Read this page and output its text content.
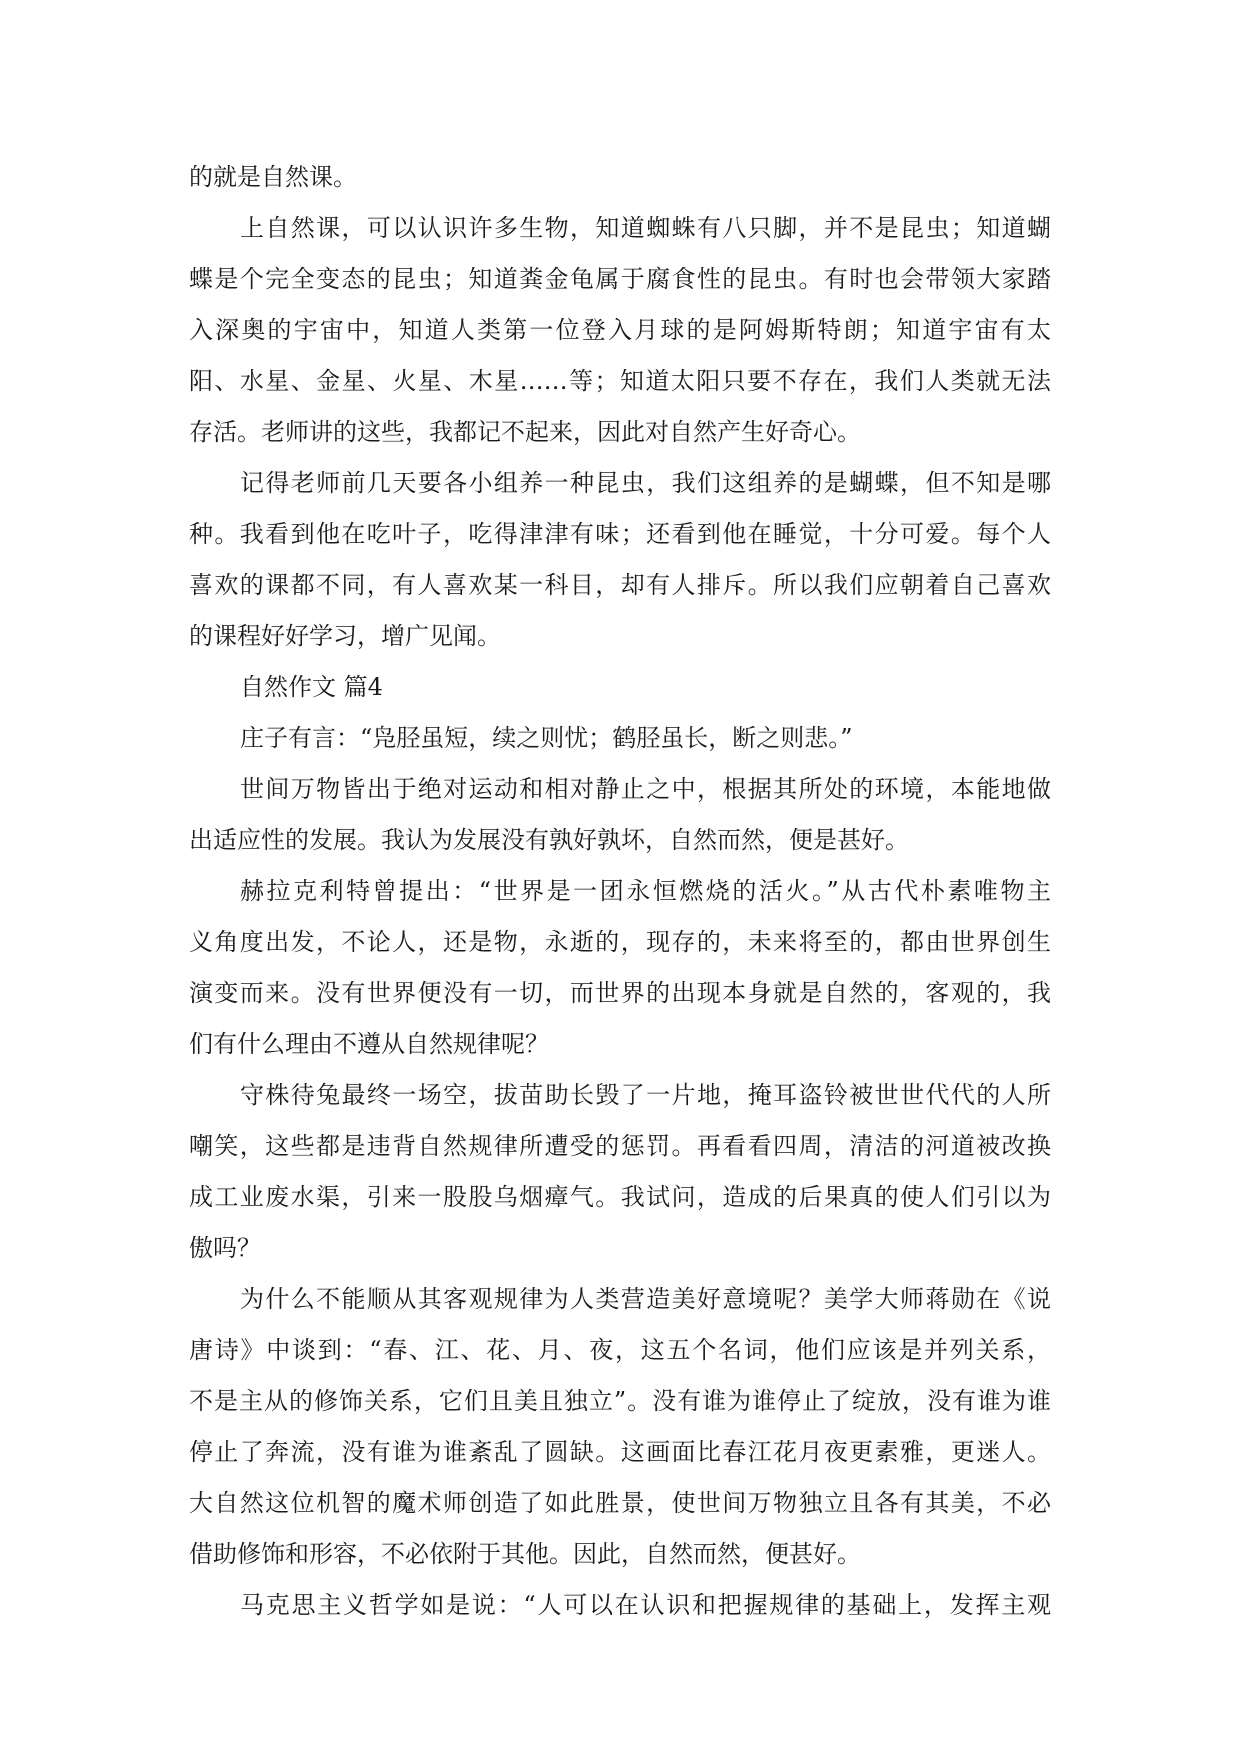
的就是自然课。
上自然课，可以认识许多生物，知道蜘蛛有八只脚，并不是昆虫；知道蝴
蝶是个完全变态的昆虫；知道粪金龟属于腐食性的昆虫。有时也会带领大家踏
入深奥的宇宙中，知道人类第一位登入月球的是阿姆斯特朗；知道宇宙有太
阳、水星、金星、火星、木星……等；知道太阳只要不存在，我们人类就无法
存活。老师讲的这些，我都记不起来，因此对自然产生好奇心。
记得老师前几天要各小组养一种昆虫，我们这组养的是蝴蝶，但不知是哪
种。我看到他在吃叶子，吃得津津有味；还看到他在睡觉，十分可爱。每个人
喜欢的课都不同，有人喜欢某一科目，却有人排斥。所以我们应朝着自己喜欢
的课程好好学习，增广见闻。
自然作文 篇4
庄子有言：“凫胫虽短，续之则忧；鹤胫虽长，断之则悲。”
世间万物皆出于绝对运动和相对静止之中，根据其所处的环境，本能地做
出适应性的发展。我认为发展没有孰好孰坏，自然而然，便是甚好。
赫拉克利特曾提出：“世界是一团永恒燃烧的活火。”从古代朴素唯物主
义角度出发，不论人，还是物，永逝的，现存的，未来将至的，都由世界创生
演变而来。没有世界便没有一切，而世界的出现本身就是自然的，客观的，我
们有什么理由不遵从自然规律呢？
守株待兔最终一场空，拔苗助长毁了一片地，掩耳盗铃被世世代代的人所
嘲笑，这些都是违背自然规律所遭受的惩罚。再看看四周，清洁的河道被改换
成工业废水渠，引来一股股乌烟瘴气。我试问，造成的后果真的使人们引以为
傲吗？
为什么不能顺从其客观规律为人类营造美好意境呢？美学大师蒋勋在《说
唐诗》中谈到：“春、江、花、月、夜，这五个名词，他们应该是并列关系，
不是主从的修饰关系，它们且美且独立”。没有谁为谁停止了绽放，没有谁为谁
停止了奔流，没有谁为谁紊乱了圆缺。这画面比春江花月夜更素雅，更迷人。
大自然这位机智的魔术师创造了如此胜景，使世间万物独立且各有其美，不必
借助修饰和形容，不必依附于其他。因此，自然而然，便甚好。
马克思主义哲学如是说：“人可以在认识和把握规律的基础上，发挥主观
